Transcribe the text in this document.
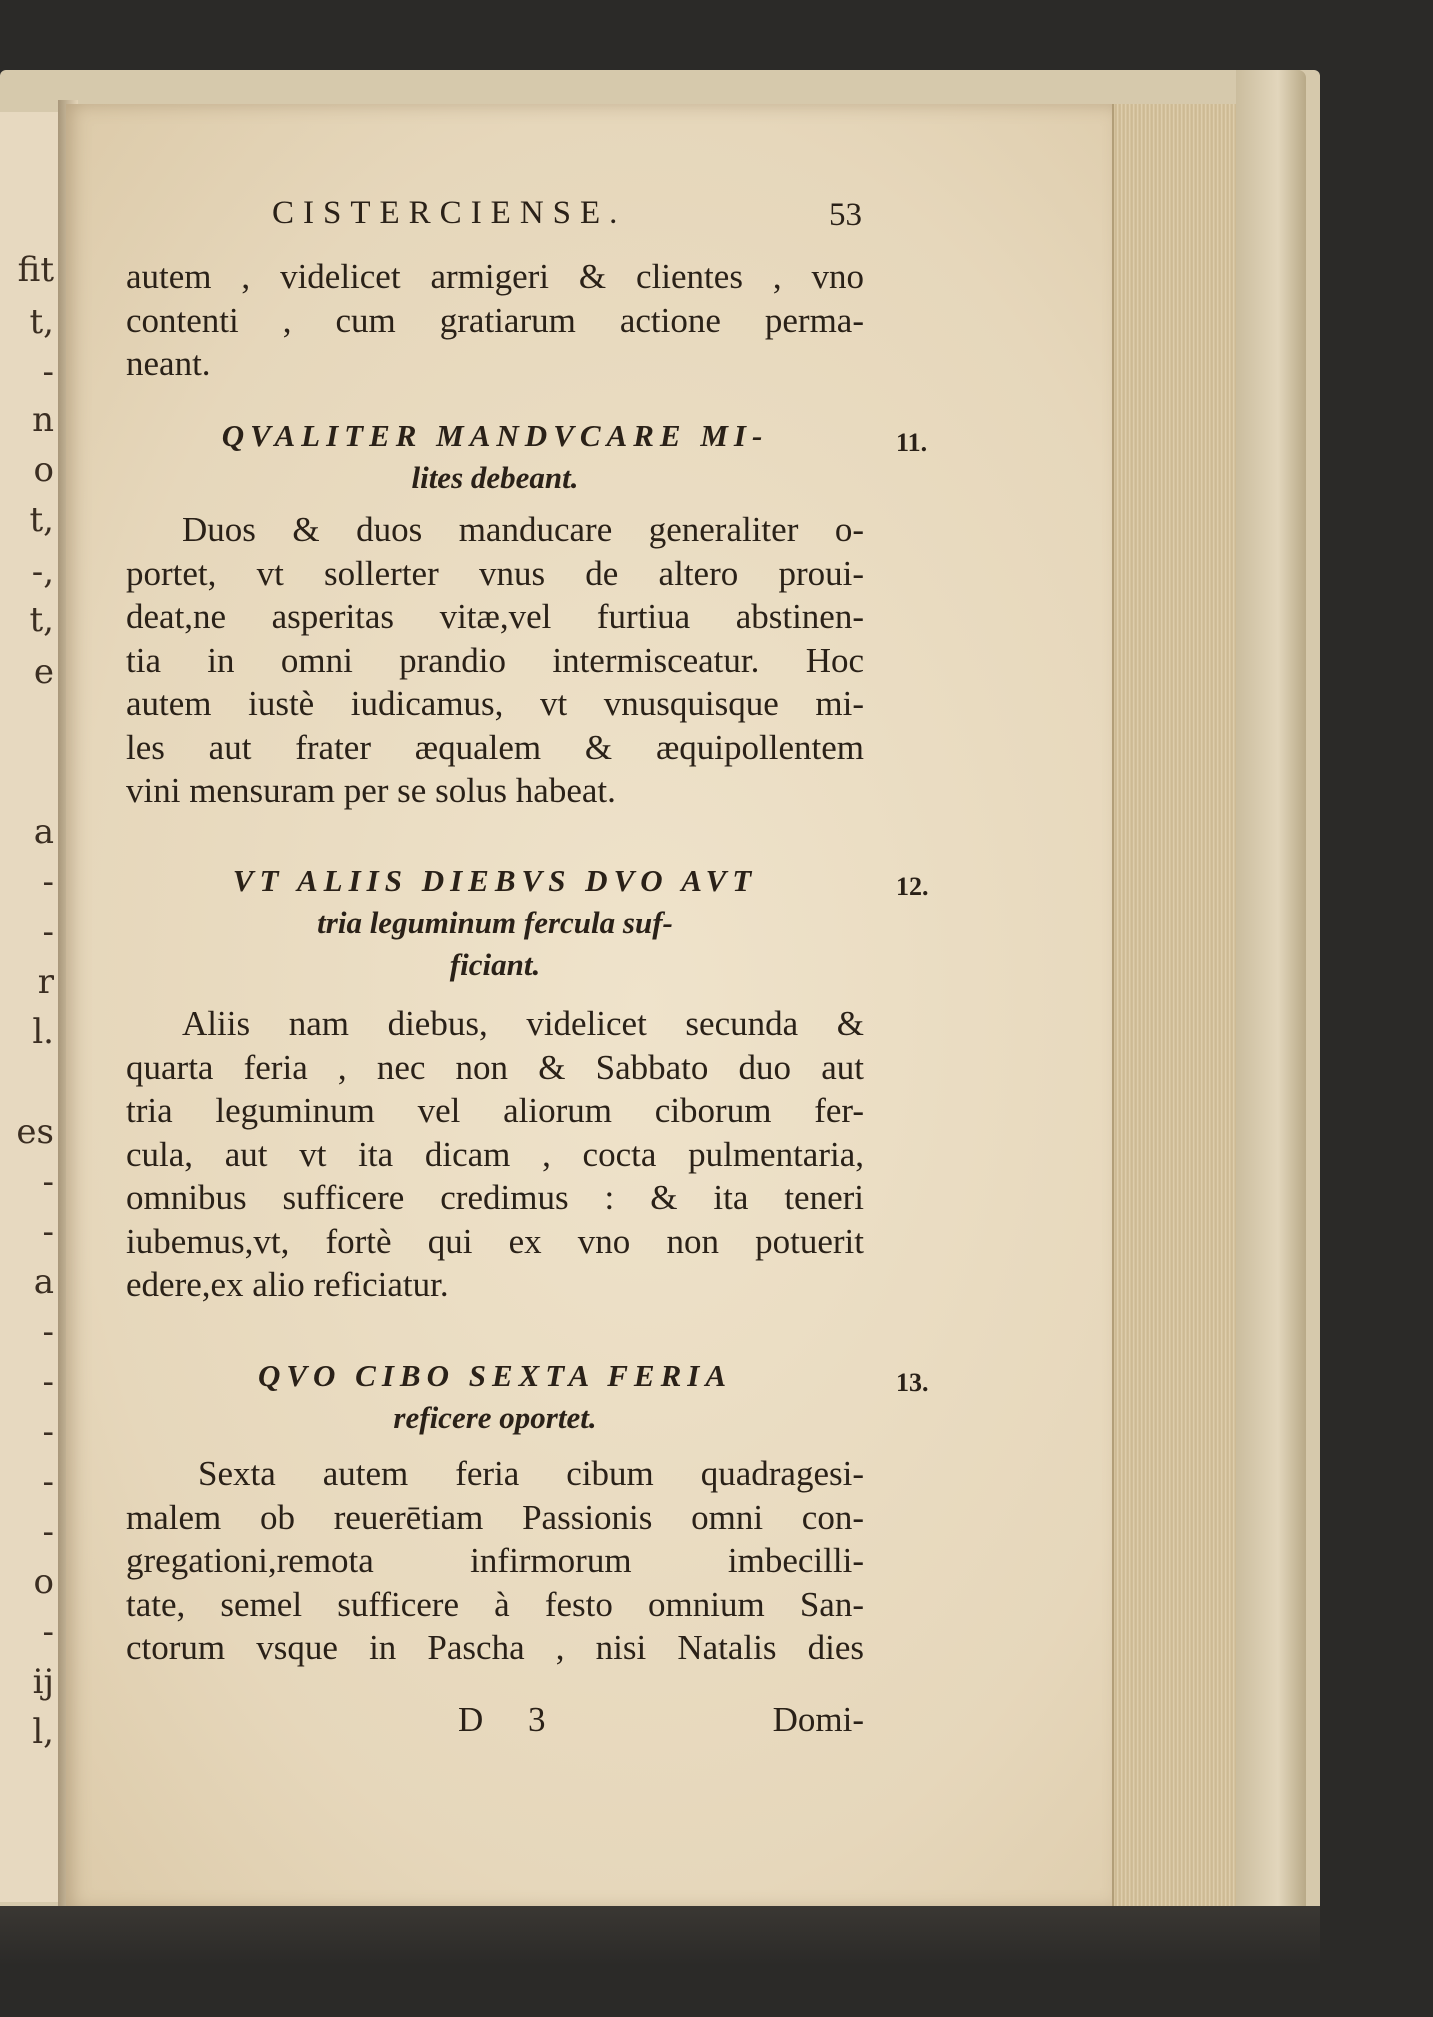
fit
t,
-
n
o
t,
-,
t,
e
a
-
-
r
l.
es
-
-
a
-
-
-
-
-
o
-
ij
l,
CISTERCIENSE.	53
autem , videlicet armigeri & clientes , vno
contenti , cum gratiarum actione perma-
neant.
11.
QVALITER MANDVCARE MI-
lites debeant.
Duos & duos manducare generaliter o-
portet, vt sollerter vnus de altero proui-
deat,ne asperitas vitæ,vel furtiua abstinen-
tia in omni prandio intermisceatur. Hoc
autem iustè iudicamus, vt vnusquisque mi-
les aut frater æqualem & æquipollentem
vini mensuram per se solus habeat.
12.
VT ALIIS DIEBVS DVO AVT
tria leguminum fercula suf-
ficiant.
Aliis nam diebus, videlicet secunda &
quarta feria , nec non & Sabbato duo aut
tria leguminum vel aliorum ciborum fer-
cula, aut vt ita dicam , cocta pulmentaria,
omnibus sufficere credimus : & ita teneri
iubemus,vt, fortè qui ex vno non potuerit
edere,ex alio reficiatur.
13.
QVO CIBO SEXTA FERIA
reficere oportet.
Sexta autem feria cibum quadragesi-
malem ob reuerētiam Passionis omni con-
gregationi,remota infirmorum imbecilli-
tate, semel sufficere à festo omnium San-
ctorum vsque in Pascha , nisi Natalis dies
D 3	Domi-
